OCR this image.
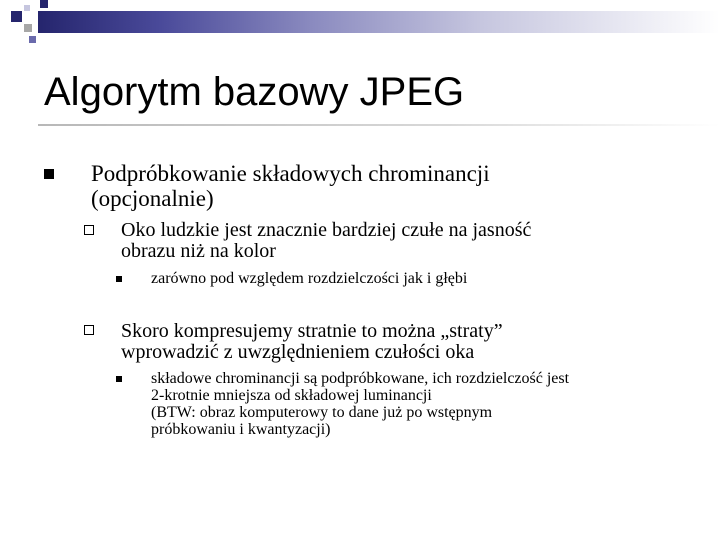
Algorytm bazowy JPEG
Podpróbkowanie składowych chrominancji
(opcjonalnie)
Oko ludzkie jest znacznie bardziej czułe na jasność
obrazu niż na kolor
zarówno pod względem rozdzielczości jak i głębi
Skoro kompresujemy stratnie to można „straty”
wprowadzić z uwzględnieniem czułości oka
składowe chrominancji są podpróbkowane, ich rozdzielczość jest
2-krotnie mniejsza od składowej luminancji
(BTW: obraz komputerowy to dane już po wstępnym
próbkowaniu i kwantyzacji)
